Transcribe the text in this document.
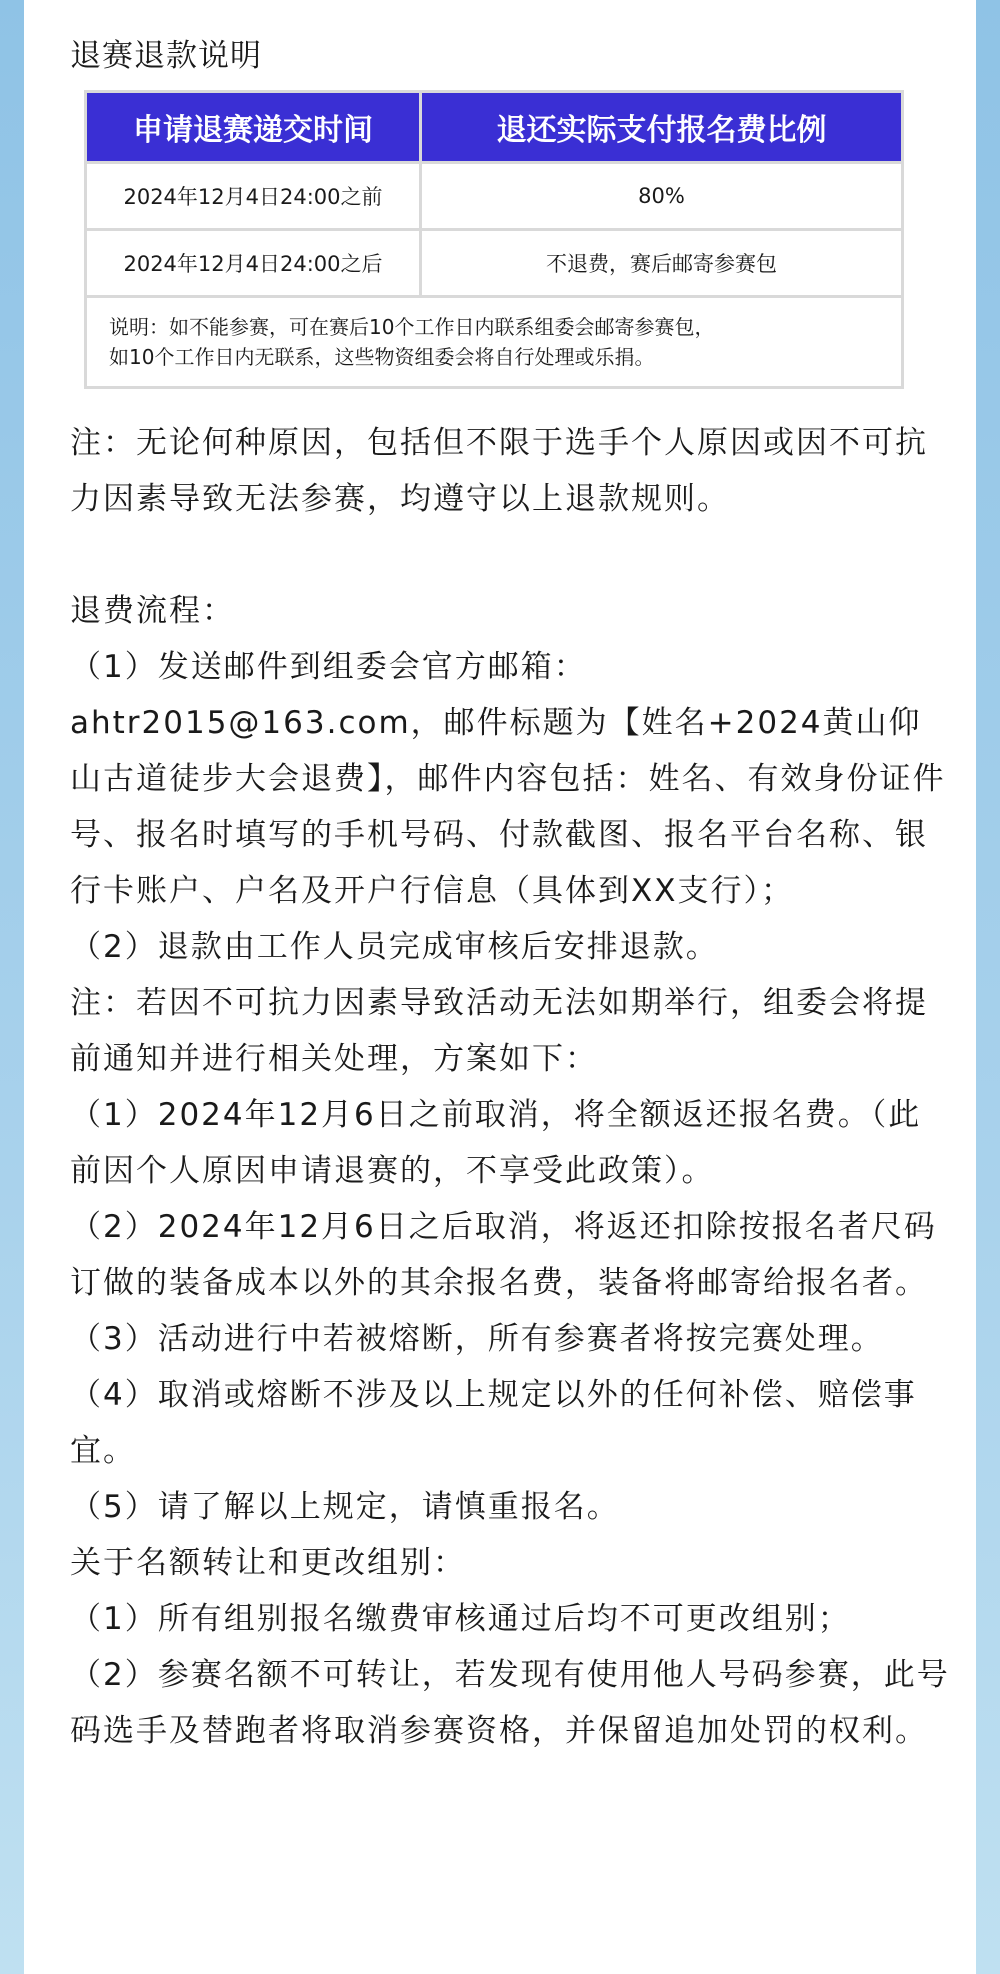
退赛退款说明
申请退赛递交时间	退还实际支付报名费比例
2024年12月4日24:00之前	80%
2024年12月4日24:00之后	不退费，赛后邮寄参赛包

说明：如不能参赛，可在赛后10个工作日内联系组委会邮寄参赛包，
如10个工作日内无联系，这些物资组委会将自行处理或乐捐。	

注：无论何种原因，包括但不限于选手个人原因或因不可抗力因素导致无法参赛，均遵守以上退款规则。

退费流程：

（1）发送邮件到组委会官方邮箱：

ahtr2015@163.com，邮件标题为【姓名+2024黄山仰山古道徒步大会退费】，邮件内容包括：姓名、有效身份证件号、报名时填写的手机号码、付款截图、报名平台名称、银行卡账户、户名及开户行信息（具体到XX支行）；

（2）退款由工作人员完成审核后安排退款。

注：若因不可抗力因素导致活动无法如期举行，组委会将提前通知并进行相关处理，方案如下：

（1）2024年12月6日之前取消，将全额返还报名费。（此前因个人原因申请退赛的，不享受此政策）。

（2）2024年12月6日之后取消，将返还扣除按报名者尺码订做的装备成本以外的其余报名费，装备将邮寄给报名者。

（3）活动进行中若被熔断，所有参赛者将按完赛处理。

（4）取消或熔断不涉及以上规定以外的任何补偿、赔偿事宜。

（5）请了解以上规定，请慎重报名。

关于名额转让和更改组别：

（1）所有组别报名缴费审核通过后均不可更改组别；

（2）参赛名额不可转让，若发现有使用他人号码参赛，此号码选手及替跑者将取消参赛资格，并保留追加处罚的权利。
